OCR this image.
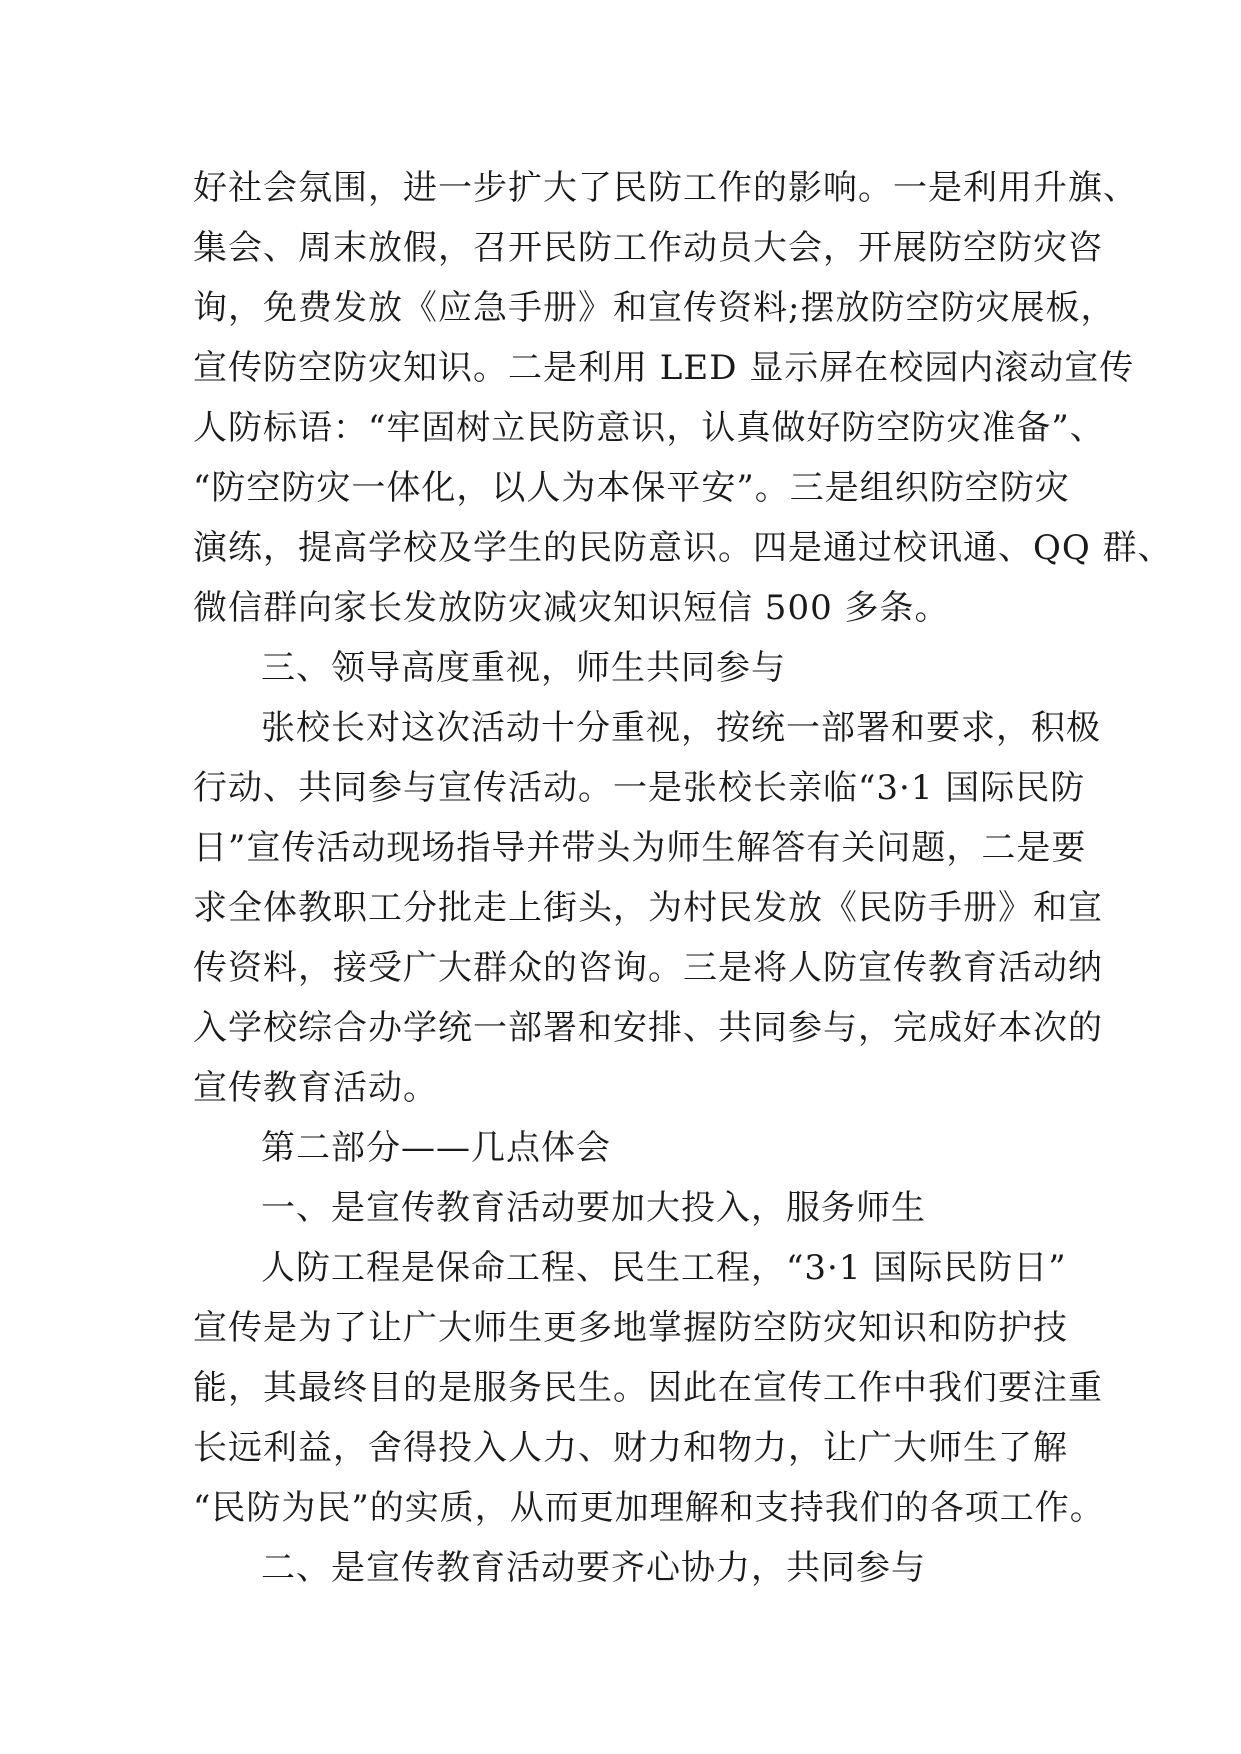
好社会氛围，进一步扩大了民防工作的影响。一是利用升旗、
集会、周末放假，召开民防工作动员大会，开展防空防灾咨
询，免费发放《应急手册》和宣传资料;摆放防空防灾展板，
宣传防空防灾知识。二是利用 LED 显示屏在校园内滚动宣传
人防标语：“牢固树立民防意识，认真做好防空防灾准备”、
“防空防灾一体化，以人为本保平安”。三是组织防空防灾
演练，提高学校及学生的民防意识。四是通过校讯通、QQ 群、
微信群向家长发放防灾减灾知识短信 500 多条。
三、领导高度重视，师生共同参与
张校长对这次活动十分重视，按统一部署和要求，积极
行动、共同参与宣传活动。一是张校长亲临“3·1 国际民防
日”宣传活动现场指导并带头为师生解答有关问题，二是要
求全体教职工分批走上街头，为村民发放《民防手册》和宣
传资料，接受广大群众的咨询。三是将人防宣传教育活动纳
入学校综合办学统一部署和安排、共同参与，完成好本次的
宣传教育活动。
第二部分——几点体会
一、是宣传教育活动要加大投入，服务师生
人防工程是保命工程、民生工程，“3·1 国际民防日”
宣传是为了让广大师生更多地掌握防空防灾知识和防护技
能，其最终目的是服务民生。因此在宣传工作中我们要注重
长远利益，舍得投入人力、财力和物力，让广大师生了解
“民防为民”的实质，从而更加理解和支持我们的各项工作。
二、是宣传教育活动要齐心协力，共同参与
